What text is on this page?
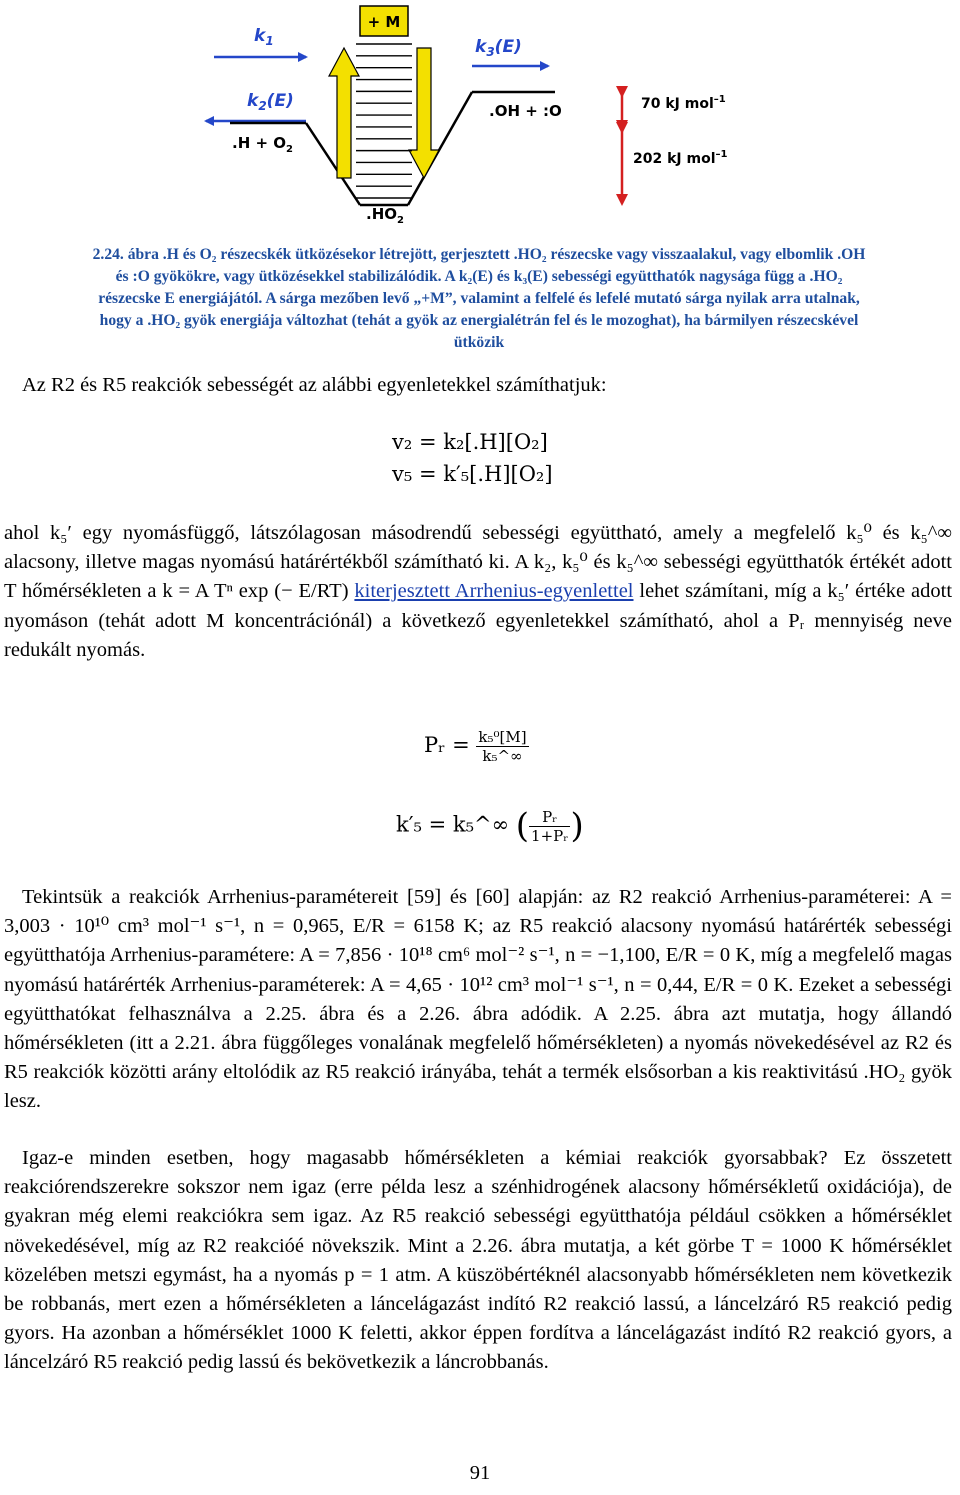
$k_1$
$k_2(E)$
$k_3(E)$
$.H + O_2$
.OH + :O
+ M
$.HO_2$
70 kJ mol$^{-1}$
202 kJ mol$^{-1}$
2.24. ábra .H és O₂ részecskék ütközésekor létrejött, gerjesztett .HO₂ részecske vagy visszaalakul, vagy elbomlik .OH
és :O gyökökre, vagy ütközésekkel stabilizálódik. A k₂(E) és k₃(E) sebességi együtthatók nagysága függ a .HO₂
részecske E energiájától. A sárga mezőben levő „+M”, valamint a felfelé és lefelé mutató sárga nyilak arra utalnak,
hogy a .HO₂ gyök energiája változhat (tehát a gyök az energialétrán fel és le mozoghat), ha bármilyen részecskével
ütközik
Az R2 és R5 reakciók sebességét az alábbi egyenletekkel számíthatjuk:
v₂ = k₂[.H][O₂]
v₅ = k′₅[.H][O₂]
ahol k₅′ egy nyomásfüggő, látszólagosan másodrendű sebességi együttható, amely a megfelelő k₅⁰ és k₅^∞ alacsony, illetve magas nyomású határértékből számítható ki. A k₂, k₅⁰ és k₅^∞ sebességi együtthatók értékét adott T hőmérsékleten a k = A Tⁿ exp (− E/RT) kiterjesztett Arrhenius-egyenlettel lehet számítani, míg a k₅′ értéke adott nyomáson (tehát adott M koncentrációnál) a következő egyenletekkel számítható, ahol a Pᵣ mennyiség neve redukált nyomás.
Pᵣ = $\frac{\text{k₅⁰[M]}}{\text{k₅\textasciicircum{}∞}}$
k′₅ = k₅^∞ ( $\frac{\text{Pᵣ}}{\text{1+Pᵣ}}$ )
Tekintsük a reakciók Arrhenius-paramétereit [59] és [60] alapján: az R2 reakció Arrhenius-paraméterei: A = 3,003 · 10¹⁰ cm³ mol⁻¹ s⁻¹, n = 0,965, E/R = 6158 K; az R5 reakció alacsony nyomású határérték sebességi együtthatója Arrhenius-paramétere: A = 7,856 · 10¹⁸ cm⁶ mol⁻² s⁻¹, n = −1,100, E/R = 0 K, míg a megfelelő magas nyomású határérték Arrhenius-paraméterek: A = 4,65 · 10¹² cm³ mol⁻¹ s⁻¹, n = 0,44, E/R = 0 K. Ezeket a sebességi együtthatókat felhasználva a 2.25. ábra és a 2.26. ábra adódik. A 2.25. ábra azt mutatja, hogy állandó hőmérsékleten (itt a 2.21. ábra függőleges vonalának megfelelő hőmérsékleten) a nyomás növekedésével az R2 és R5 reakciók közötti arány eltolódik az R5 reakció irányába, tehát a termék elsősorban a kis reaktivitású .HO₂ gyök lesz.
Igaz-e minden esetben, hogy magasabb hőmérsékleten a kémiai reakciók gyorsabbak? Ez összetett reakciórendszerekre sokszor nem igaz (erre példa lesz a szénhidrogének alacsony hőmérsékletű oxidációja), de gyakran még elemi reakciókra sem igaz. Az R5 reakció sebességi együtthatója például csökken a hőmérséklet növekedésével, míg az R2 reakcióé növekszik. Mint a 2.26. ábra mutatja, a két görbe T = 1000 K hőmérséklet közelében metszi egymást, ha a nyomás p = 1 atm. A küszöbértéknél alacsonyabb hőmérsékleten nem következik be robbanás, mert ezen a hőmérsékleten a láncelágazást indító R2 reakció lassú, a láncelzáró R5 reakció pedig gyors. Ha azonban a hőmérséklet 1000 K feletti, akkor éppen fordítva a láncelágazást indító R2 reakció gyors, a láncelzáró R5 reakció pedig lassú és bekövetkezik a láncrobbanás.
91
